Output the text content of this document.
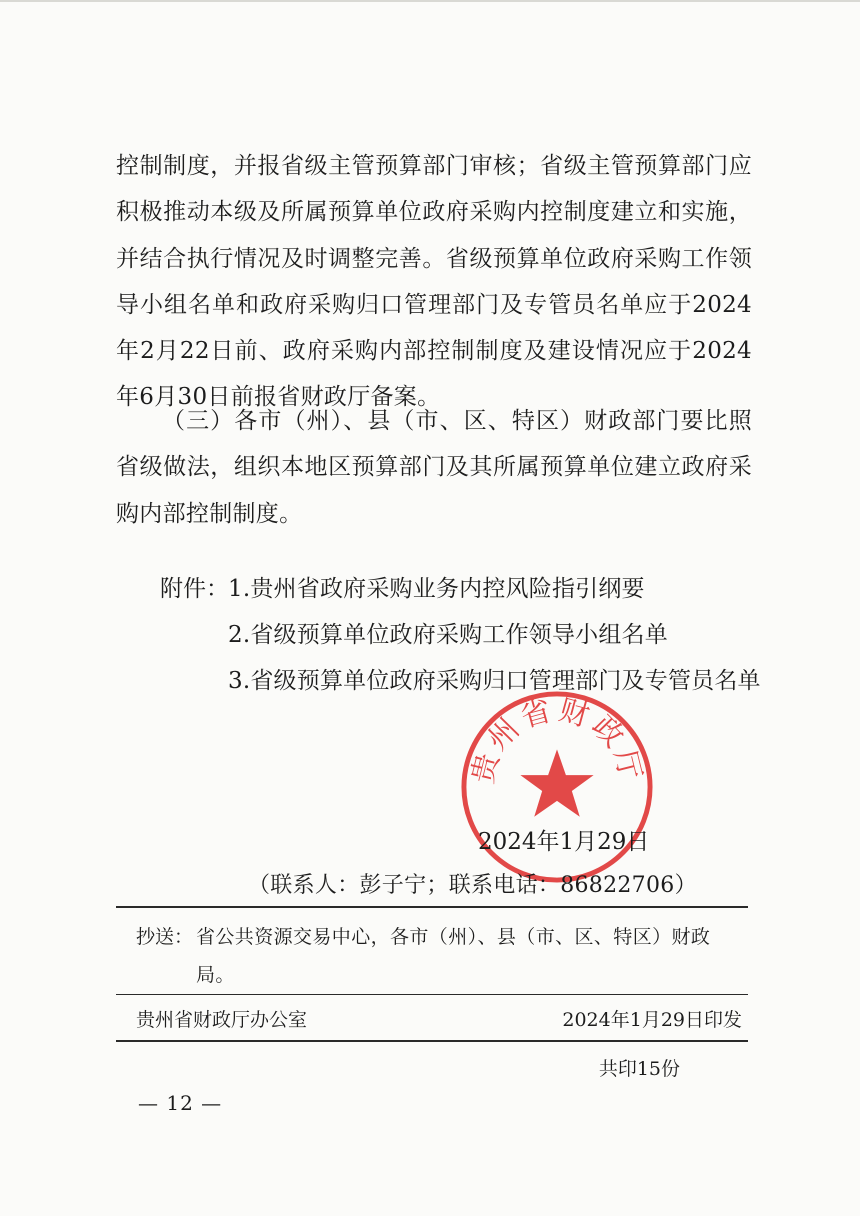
控制制度，并报省级主管预算部门审核；省级主管预算部门应积极推动本级及所属预算单位政府采购内控制度建立和实施，并结合执行情况及时调整完善。省级预算单位政府采购工作领导小组名单和政府采购归口管理部门及专管员名单应于2024年2月22日前、政府采购内部控制制度及建设情况应于2024年6月30日前报省财政厅备案。

（三）各市（州）、县（市、区、特区）财政部门要比照省级做法，组织本地区预算部门及其所属预算单位建立政府采购内部控制制度。

附件： 1.贵州省政府采购业务内控风险指引纲要
2.省级预算单位政府采购工作领导小组名单
3.省级预算单位政府采购归口管理部门及专管员名单
贵州省财政厅
2024年1月29日
（联系人：彭子宁；联系电话：86822706）
抄送： 省公共资源交易中心，各市（州）、县（市、区、特区）财政局。
贵州省财政厅办公室	2024年1月29日印发
共印15份
— 12 —
